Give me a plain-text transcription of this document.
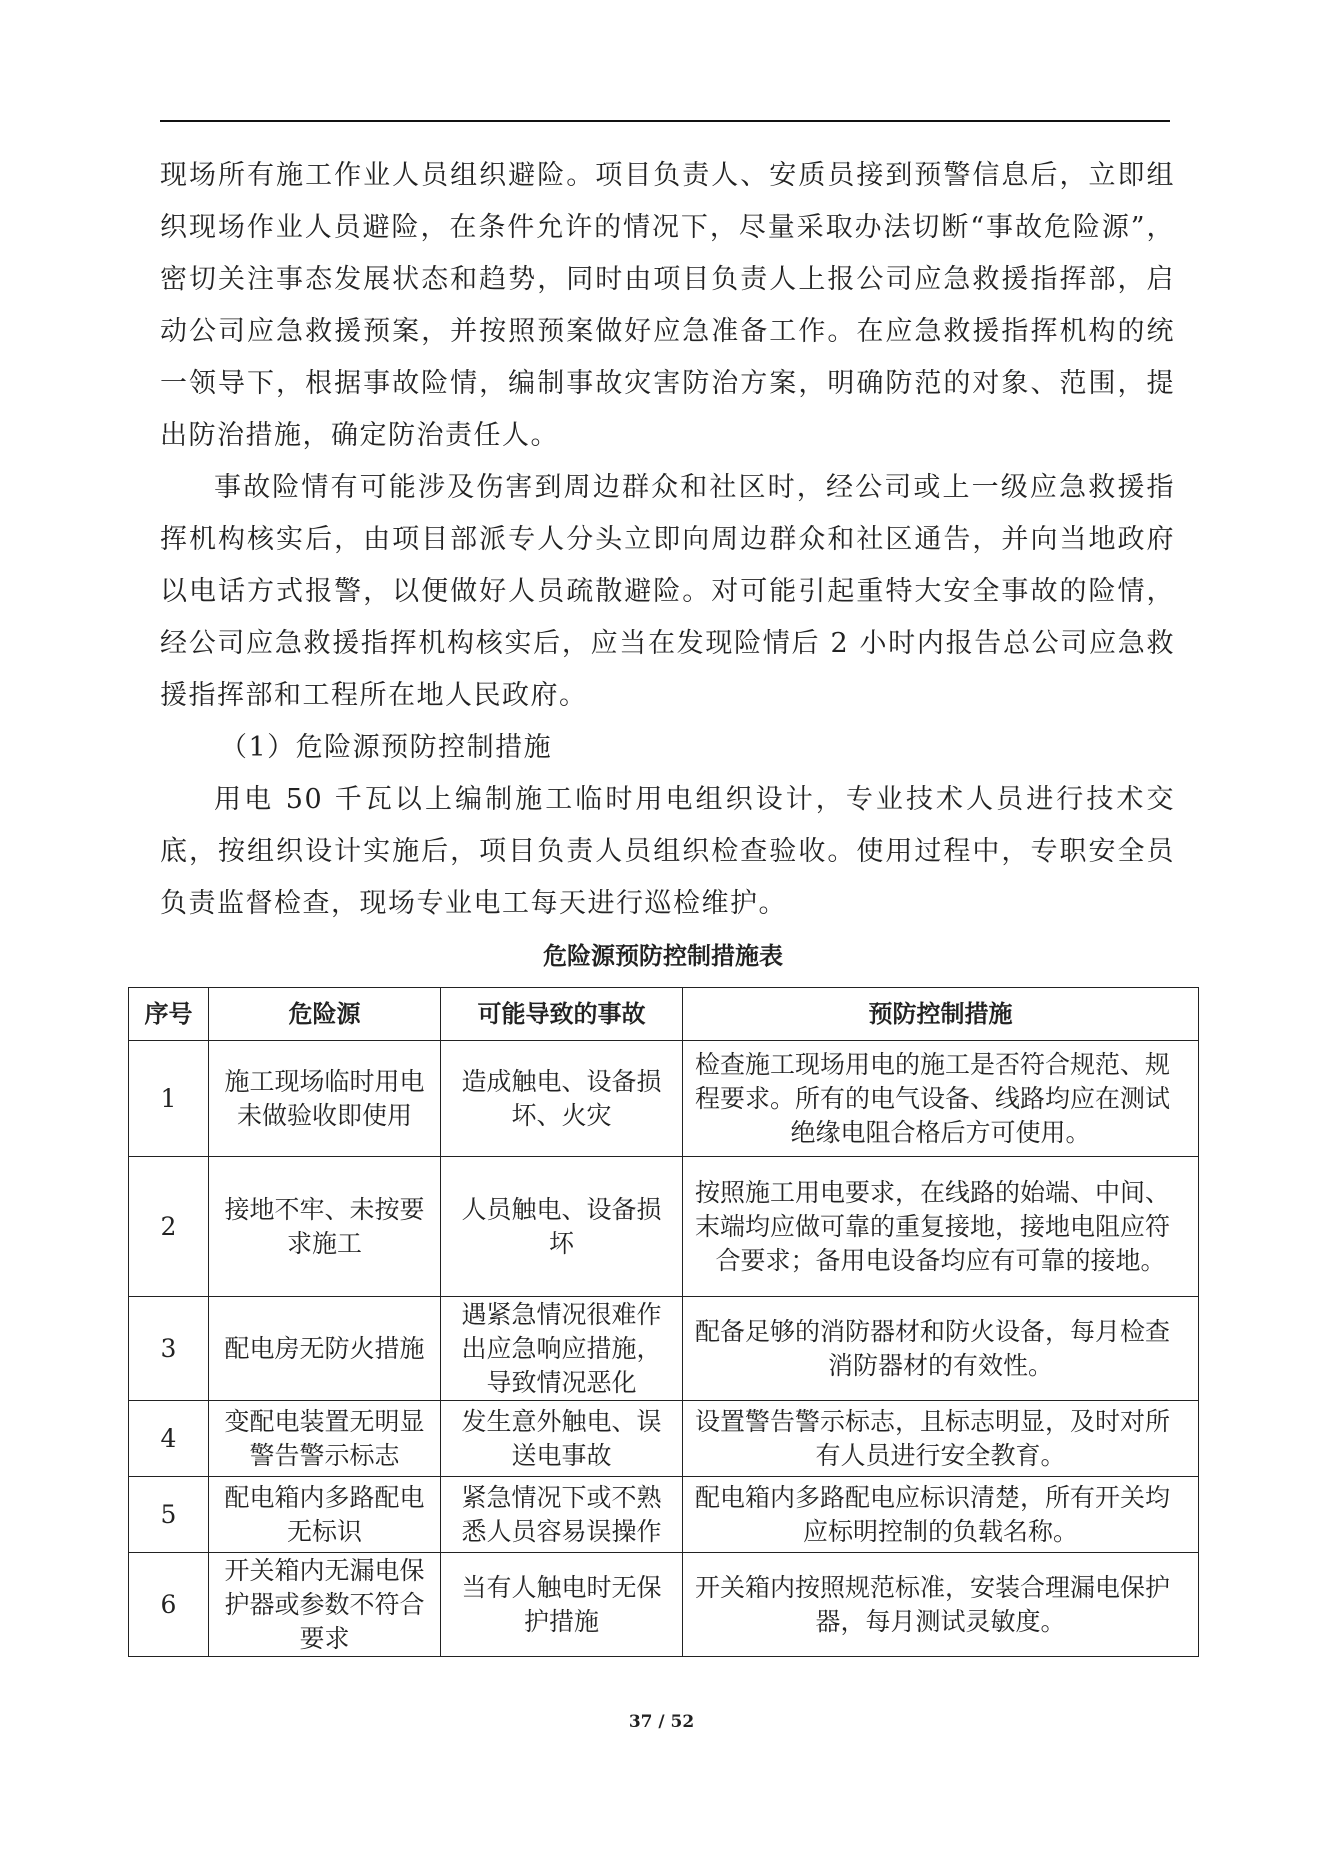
现场所有施工作业人员组织避险。项目负责人、安质员接到预警信息后，立即组织现场作业人员避险，在条件允许的情况下，尽量采取办法切断“事故危险源”，密切关注事态发展状态和趋势，同时由项目负责人上报公司应急救援指挥部，启动公司应急救援预案，并按照预案做好应急准备工作。在应急救援指挥机构的统一领导下，根据事故险情，编制事故灾害防治方案，明确防范的对象、范围，提出防治措施，确定防治责任人。

事故险情有可能涉及伤害到周边群众和社区时，经公司或上一级应急救援指挥机构核实后，由项目部派专人分头立即向周边群众和社区通告，并向当地政府以电话方式报警，以便做好人员疏散避险。对可能引起重特大安全事故的险情，经公司应急救援指挥机构核实后，应当在发现险情后 2 小时内报告总公司应急救援指挥部和工程所在地人民政府。

（1）危险源预防控制措施

用电 50 千瓦以上编制施工临时用电组织设计，专业技术人员进行技术交底，按组织设计实施后，项目负责人员组织检查验收。使用过程中，专职安全员负责监督检查，现场专业电工每天进行巡检维护。

危险源预防控制措施表
序号	危险源	可能导致的事故	预防控制措施
1	施工现场临时用电未做验收即使用	造成触电、设备损坏、火灾	检查施工现场用电的施工是否符合规范、规程要求。所有的电气设备、线路均应在测试绝缘电阻合格后方可使用。
2	接地不牢、未按要求施工	人员触电、设备损坏	按照施工用电要求，在线路的始端、中间、末端均应做可靠的重复接地，接地电阻应符合要求；备用电设备均应有可靠的接地。
3	配电房无防火措施	遇紧急情况很难作出应急响应措施，导致情况恶化	配备足够的消防器材和防火设备，每月检查消防器材的有效性。
4	变配电装置无明显警告警示标志	发生意外触电、误送电事故	设置警告警示标志，且标志明显，及时对所有人员进行安全教育。
5	配电箱内多路配电无标识	紧急情况下或不熟悉人员容易误操作	配电箱内多路配电应标识清楚，所有开关均应标明控制的负载名称。
6	开关箱内无漏电保护器或参数不符合要求	当有人触电时无保护措施	开关箱内按照规范标准，安装合理漏电保护器，每月测试灵敏度。
37 / 52
